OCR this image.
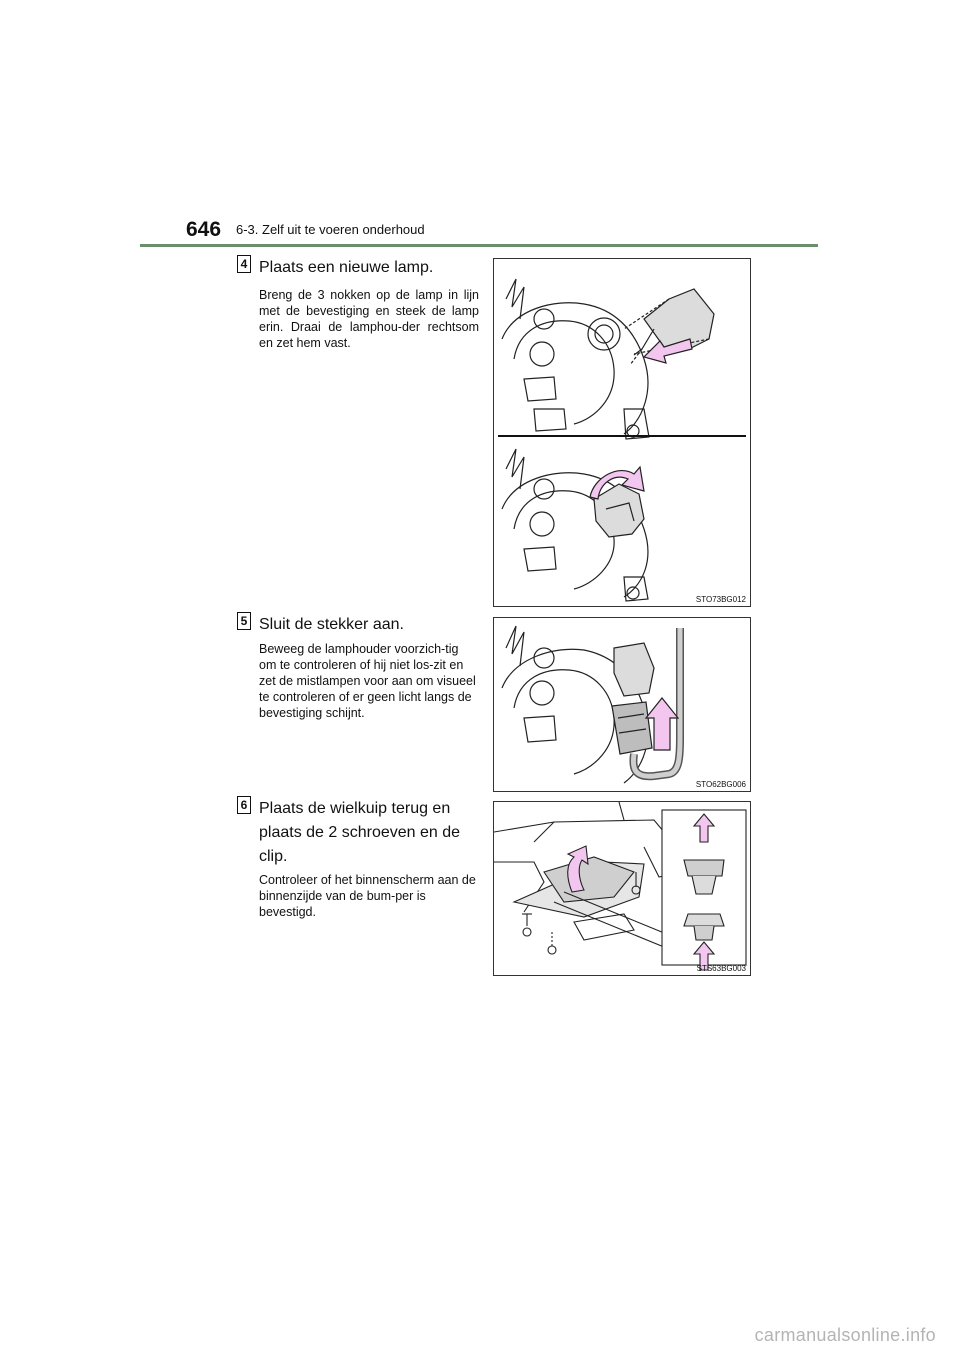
646 6-3. Zelf uit te voeren onderhoud
4 Plaats een nieuwe lamp.
Breng de 3 nokken op de lamp in lijn met de bevestiging en steek de lamp erin. Draai de lamphou-der rechtsom en zet hem vast.
STO73BG012
5 Sluit de stekker aan.
Beweeg de lamphouder voorzich-tig om te controleren of hij niet los-zit en zet de mistlampen voor aan om visueel te controleren of er geen licht langs de bevestiging schijnt.
STO62BG006
6 Plaats de wielkuip terug en plaats de 2 schroeven en de clip.
Controleer of het binnenscherm aan de binnenzijde van de bum-per is bevestigd.
STS63BG003
carmanualsonline.info
